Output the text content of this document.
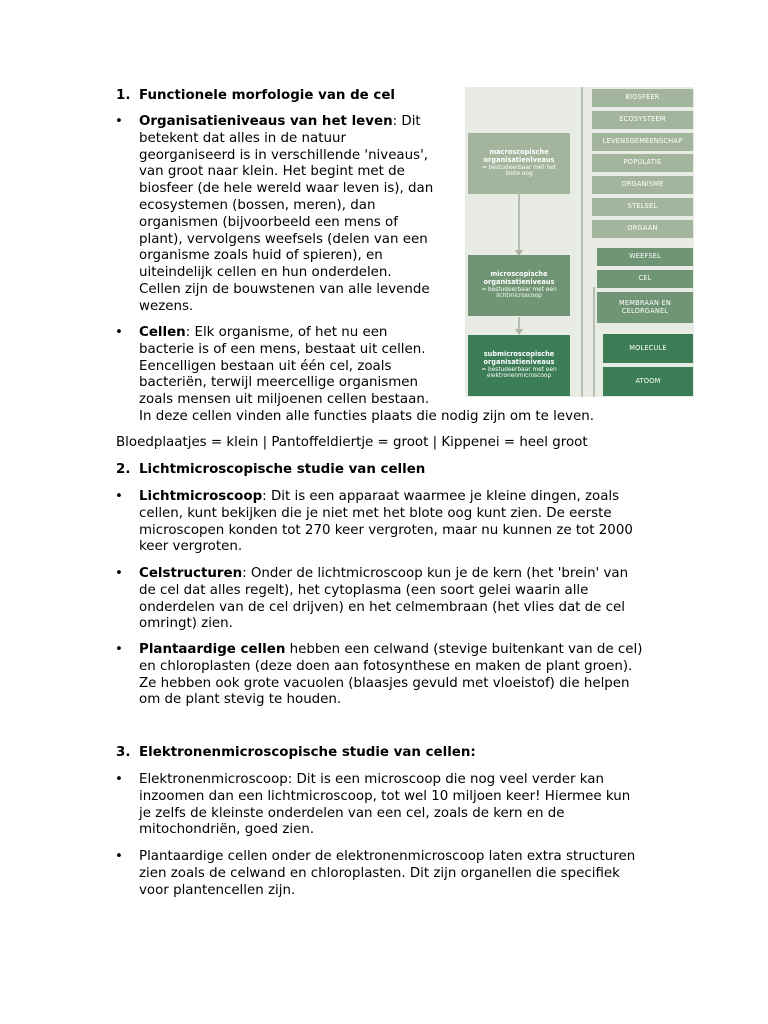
1. Functionele morfologie van de cel
• Organisatieniveaus van het leven: Dit
betekent dat alles in de natuur
georganiseerd is in verschillende 'niveaus',
van groot naar klein. Het begint met de
biosfeer (de hele wereld waar leven is), dan
ecosystemen (bossen, meren), dan
organismen (bijvoorbeeld een mens of
plant), vervolgens weefsels (delen van een
organisme zoals huid of spieren), en
uiteindelijk cellen en hun onderdelen.
Cellen zijn de bouwstenen van alle levende
wezens.
• Cellen: Elk organisme, of het nu een
bacterie is of een mens, bestaat uit cellen.
Eencelligen bestaan uit één cel, zoals
bacteriën, terwijl meercellige organismen
zoals mensen uit miljoenen cellen bestaan.
In deze cellen vinden alle functies plaats die nodig zijn om te leven.
Bloedplaatjes = klein | Pantoffeldiertje = groot | Kippenei = heel groot
2. Lichtmicroscopische studie van cellen
• Lichtmicroscoop: Dit is een apparaat waarmee je kleine dingen, zoals
cellen, kunt bekijken die je niet met het blote oog kunt zien. De eerste
microscopen konden tot 270 keer vergroten, maar nu kunnen ze tot 2000
keer vergroten.
• Celstructuren: Onder de lichtmicroscoop kun je de kern (het 'brein' van
de cel dat alles regelt), het cytoplasma (een soort gelei waarin alle
onderdelen van de cel drijven) en het celmembraan (het vlies dat de cel
omringt) zien.
• Plantaardige cellen hebben een celwand (stevige buitenkant van de cel)
en chloroplasten (deze doen aan fotosynthese en maken de plant groen).
Ze hebben ook grote vacuolen (blaasjes gevuld met vloeistof) die helpen
om de plant stevig te houden.
3. Elektronenmicroscopische studie van cellen:
• Elektronenmicroscoop: Dit is een microscoop die nog veel verder kan
inzoomen dan een lichtmicroscoop, tot wel 10 miljoen keer! Hiermee kun
je zelfs de kleinste onderdelen van een cel, zoals de kern en de
mitochondriën, goed zien.
• Plantaardige cellen onder de elektronenmicroscoop laten extra structuren
zien zoals de celwand en chloroplasten. Dit zijn organellen die specifiek
voor plantencellen zijn.
macroscopische
organisatienlveaus
= bestudeerbaar met het
blote oog
microscopische
organisatieniveaus
= bestudeerbaar met een
lichtmicroscoop
submicroscopische
organisatieniveaus
= bestudeerbaar met een
elektronenmicroscoop
BIOSFEER
ECOSYSTEEM
LEVENSGEMEENSCHAP
POPULATIE
ORGANISME
STELSEL
ORGAAN
WEEFSEL
CEL
MEMBRAAN EN
CELORGANEL
MOLECULE
ATOOM
